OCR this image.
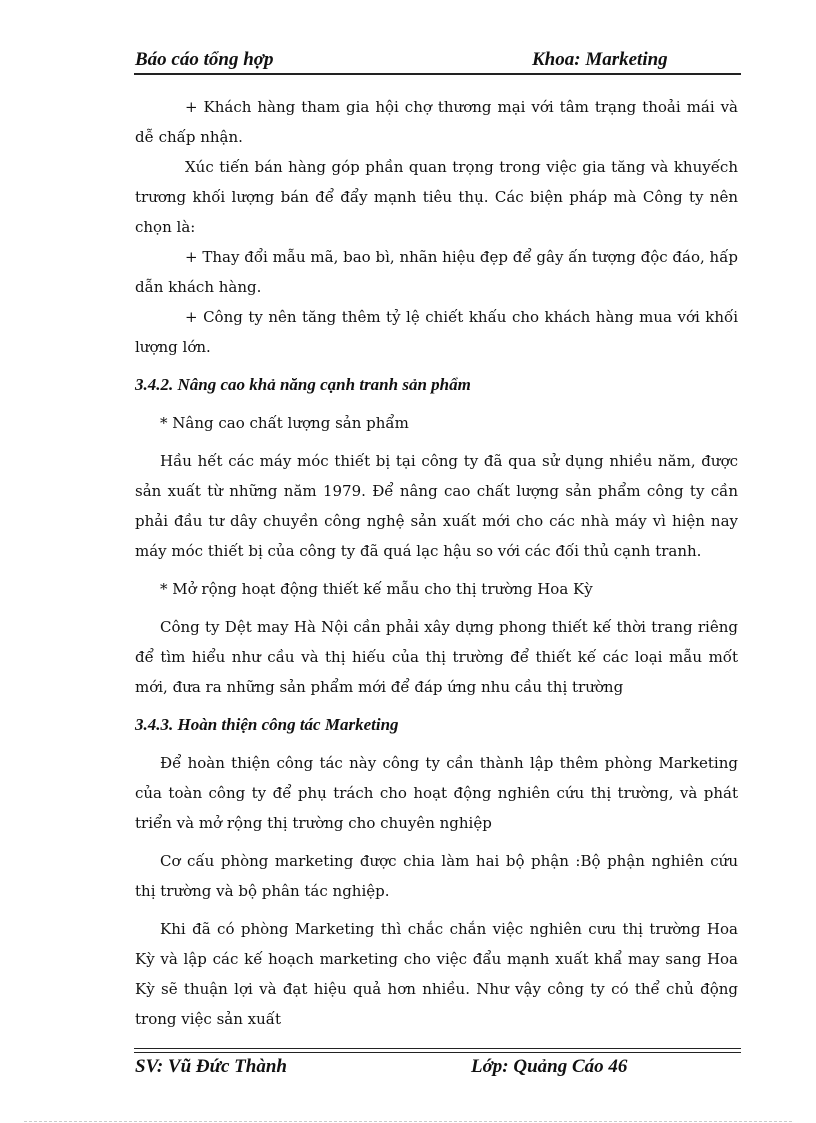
Báo cáo tổng hợp	Khoa: Marketing

+ Khách hàng tham gia hội chợ thương mại với tâm trạng thoải mái và dễ chấp nhận.

Xúc tiến bán hàng góp phần quan trọng trong việc gia tăng và khuyếch trương khối lượng bán để đẩy mạnh tiêu thụ. Các biện pháp mà Công ty nên chọn là:

+ Thay đổi mẫu mã, bao bì, nhãn hiệu đẹp để gây ấn tượng độc đáo, hấp dẫn khách hàng.

+ Công ty nên tăng thêm tỷ lệ chiết khấu cho khách hàng mua với khối lượng lớn.

3.4.2. Nâng cao khả năng cạnh tranh sản phẩm

* Nâng cao chất lượng sản phẩm

Hầu hết các máy móc thiết bị tại công ty đã qua sử dụng nhiều năm, được sản xuất từ những năm 1979. Để nâng cao chất lượng sản phẩm công ty cần phải đầu tư dây chuyền công nghệ sản xuất mới cho các nhà máy vì hiện nay máy móc thiết bị của công ty đã quá lạc hậu so với các đối thủ cạnh tranh.

* Mở rộng hoạt động thiết kế mẫu cho thị trường Hoa Kỳ

Công ty Dệt may Hà Nội cần phải xây dựng phong thiết kế thời trang riêng để tìm hiểu như cầu và thị hiếu của thị trường để thiết kế các loại mẫu mốt mới, đưa ra những sản phẩm mới để đáp ứng nhu cầu thị trường

3.4.3. Hoàn thiện công tác Marketing

Để hoàn thiện công tác này công ty cần thành lập thêm phòng Marketing của toàn công ty để phụ trách cho hoạt động nghiên cứu thị trường, và phát triển và mở rộng thị trường cho chuyên nghiệp

Cơ cấu phòng marketing được chia làm hai bộ phận :Bộ phận nghiên cứu thị trường và bộ phân tác nghiệp.

Khi đã có phòng Marketing thì chắc chắn việc nghiên cưu thị trường Hoa Kỳ và lập các kế hoạch marketing cho việc đẩu mạnh xuất khẩ may sang Hoa Kỳ sẽ thuận lợi và đạt hiệu quả hơn nhiều. Như vậy công ty có thể chủ động trong việc sản xuất

SV: Vũ Đức Thành	Lớp: Quảng Cáo 46
